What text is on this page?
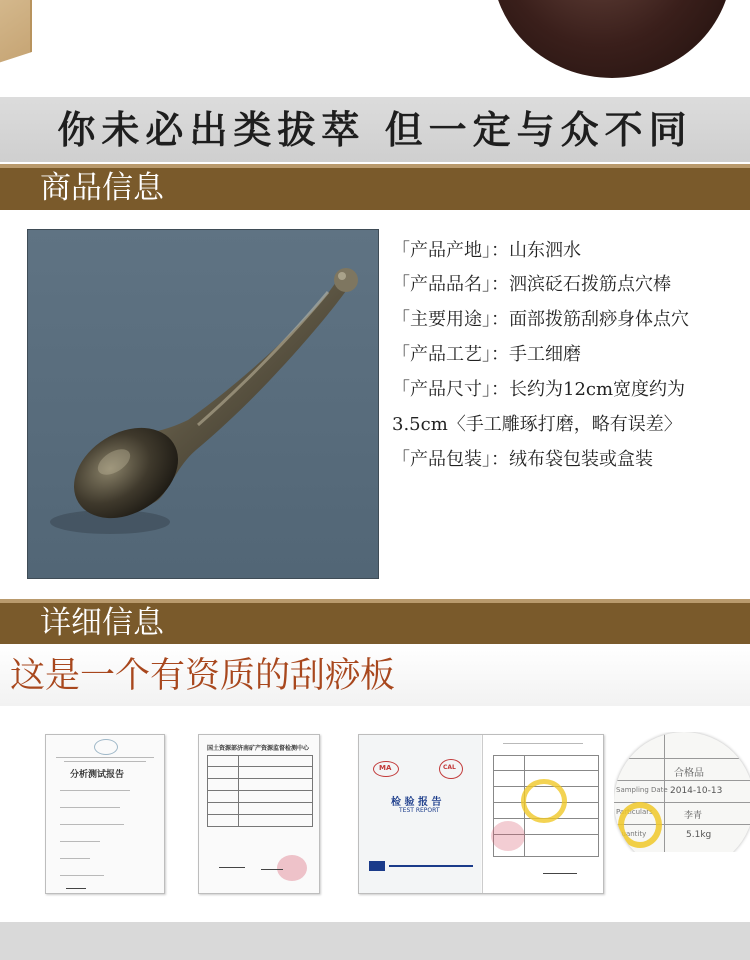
你未必出类拔萃 但一定与众不同
商品信息
「产品产地」：山东泗水
「产品品名」：泗滨砭石拨筋点穴棒
「主要用途」：面部拨筋刮痧身体点穴
「产品工艺」：手工细磨
「产品尺寸」：长约为12cm宽度约为
3.5cm〈手工雕琢打磨，略有误差〉
「产品包装」：绒布袋包装或盒装
详细信息
这是一个有资质的刮痧板
分析测试报告
国土资源部济南矿产资源监督检测中心
MA	CAL
检 验 报 告
TEST REPORT
合格品
2014-10-13
Sampling Date
Particulars	李青
5.1kg
Quantity
